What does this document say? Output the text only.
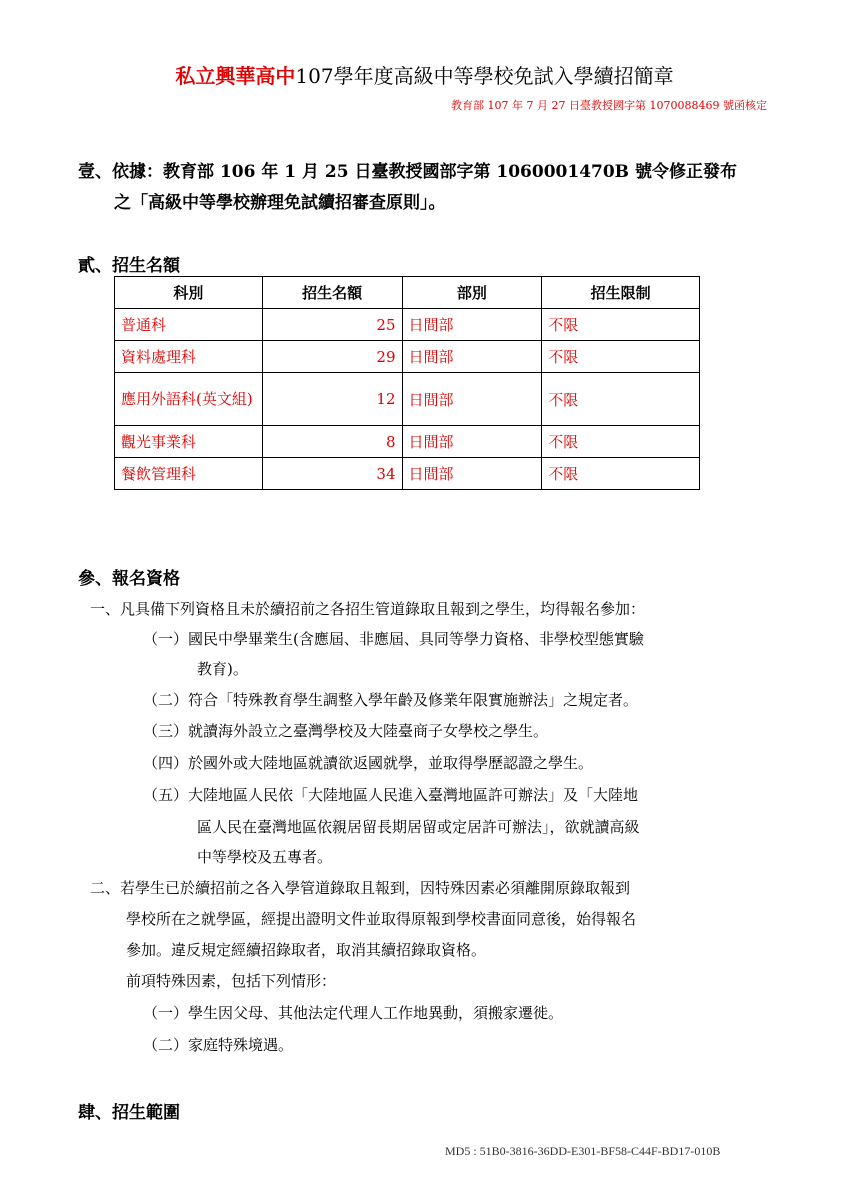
私立興華高中107學年度高級中等學校免試入學續招簡章
教育部 107 年 7 月 27 日臺教授國字第 1070088469 號函核定
壹、依據：教育部 106 年 1 月 25 日臺教授國部字第 1060001470B 號令修正發布
之「高級中等學校辦理免試續招審查原則」。
貳、招生名額
科別	招生名額	部別	招生限制
普通科	25	日間部	不限
資料處理科	29	日間部	不限
應用外語科(英文組)	12	日間部	不限
觀光事業科	8	日間部	不限
餐飲管理科	34	日間部	不限
參、報名資格
一、凡具備下列資格且未於續招前之各招生管道錄取且報到之學生，均得報名參加：
（一）國民中學畢業生(含應屆、非應屆、具同等學力資格、非學校型態實驗
教育)。
（二）符合「特殊教育學生調整入學年齡及修業年限實施辦法」之規定者。
（三）就讀海外設立之臺灣學校及大陸臺商子女學校之學生。
（四）於國外或大陸地區就讀欲返國就學，並取得學歷認證之學生。
（五）大陸地區人民依「大陸地區人民進入臺灣地區許可辦法」及「大陸地
區人民在臺灣地區依親居留長期居留或定居許可辦法」，欲就讀高級
中等學校及五專者。
二、若學生已於續招前之各入學管道錄取且報到，因特殊因素必須離開原錄取報到
學校所在之就學區，經提出證明文件並取得原報到學校書面同意後，始得報名
參加。違反規定經續招錄取者，取消其續招錄取資格。
前項特殊因素，包括下列情形：
（一）學生因父母、其他法定代理人工作地異動，須搬家遷徙。
（二）家庭特殊境遇。
肆、招生範圍
MD5 : 51B0-3816-36DD-E301-BF58-C44F-BD17-010B
